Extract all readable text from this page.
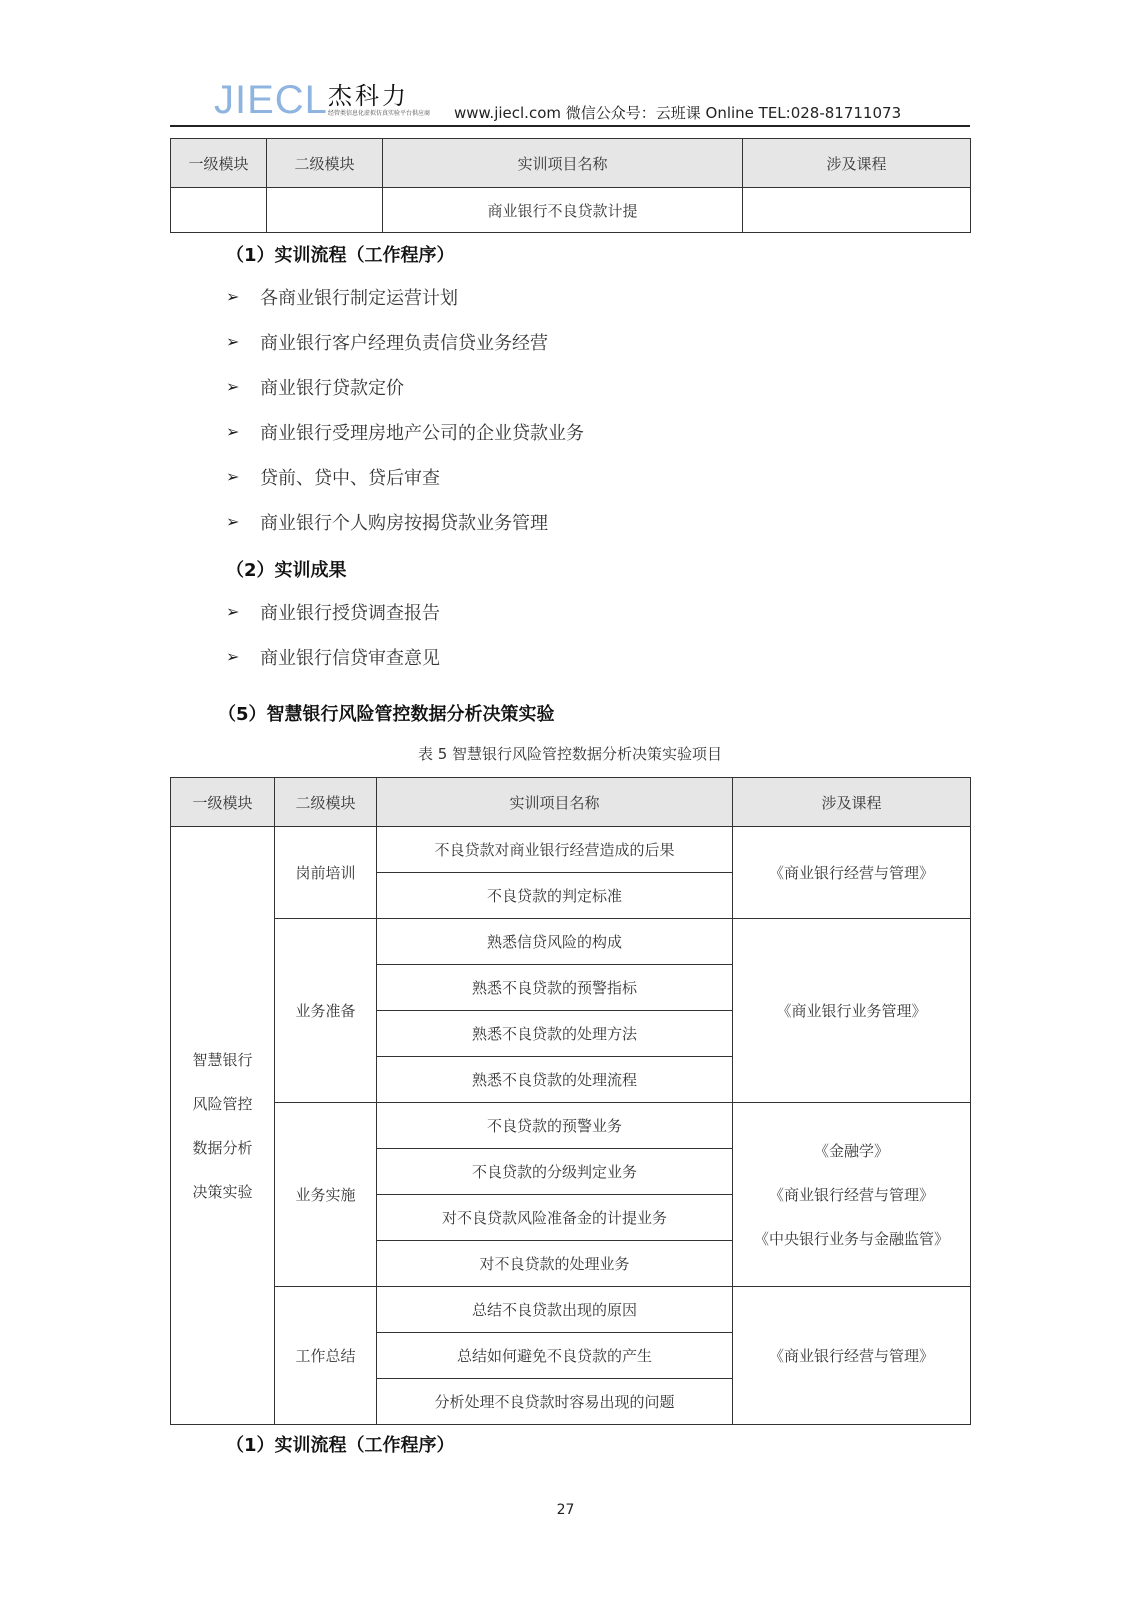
JIECL 杰科力
经管类信息化虚拟仿真实验平台供应商 www.jiecl.com 微信公众号：云班课 Online TEL:028-81711073
一级模块	二级模块	实训项目名称	涉及课程
		商业银行不良贷款计提	
（1）实训流程（工作程序）
➢	各商业银行制定运营计划
➢	商业银行客户经理负责信贷业务经营
➢	商业银行贷款定价
➢	商业银行受理房地产公司的企业贷款业务
➢	贷前、贷中、贷后审查
➢	商业银行个人购房按揭贷款业务管理
（2）实训成果
➢	商业银行授贷调查报告
➢	商业银行信贷审查意见
（5）智慧银行风险管控数据分析决策实验
表 5 智慧银行风险管控数据分析决策实验项目
一级模块	二级模块	实训项目名称	涉及课程

智慧银行
风险管控
数据分析
决策实验	岗前培训	不良贷款对商业银行经营造成的后果	《商业银行经营与管理》

		不良贷款的判定标准	
	业务准备	熟悉信贷风险的构成	《商业银行业务管理》

		熟悉不良贷款的预警指标	
		熟悉不良贷款的处理方法	
		熟悉不良贷款的处理流程	
	业务实施	不良贷款的预警业务	《金融学》
《商业银行经营与管理》
《中央银行业务与金融监管》

		不良贷款的分级判定业务	
		对不良贷款风险准备金的计提业务	
		对不良贷款的处理业务	
	工作总结	总结不良贷款出现的原因	《商业银行经营与管理》

		总结如何避免不良贷款的产生	
		分析处理不良贷款时容易出现的问题	
（1）实训流程（工作程序）
27
